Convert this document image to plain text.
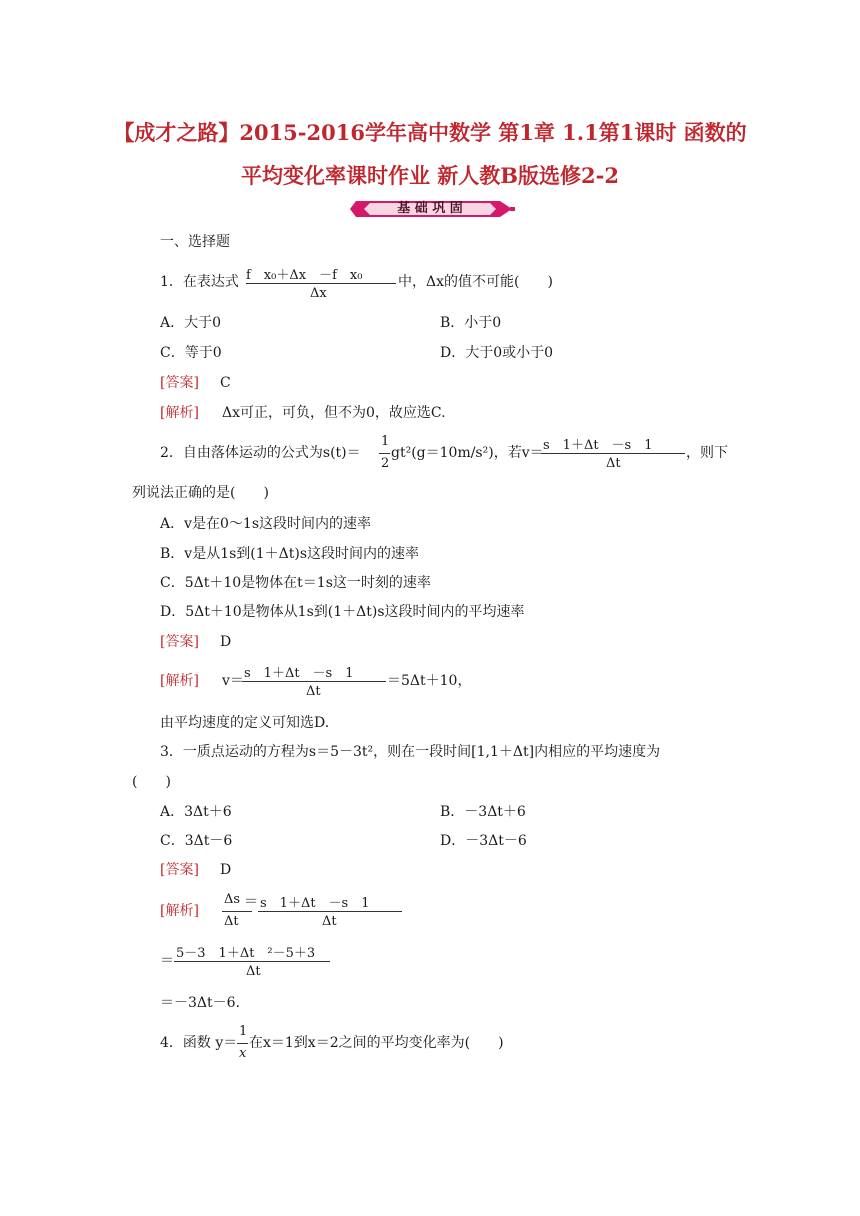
【成才之路】2015-2016学年高中数学 第1章 1.1第1课时 函数的
平均变化率课时作业 新人教B版选修2-2
基 础 巩 固
一、选择题
1．在表达式 f　x₀＋Δx　－f　x₀
Δx
中，Δx的值不可能(　　)
A．大于0	B．小于0
C．等于0	D．大于0或小于0
[答案] C
[解析] Δx可正，可负，但不为0，故应选C.
2．自由落体运动的公式为s(t)＝
1
2
gt²(g＝10m/s²)，若v＝ s　1＋Δt　－s　1
Δt
，则下
列说法正确的是(　　)
A．v是在0～1s这段时间内的速率
B．v是从1s到(1＋Δt)s这段时间内的速率
C．5Δt＋10是物体在t＝1s这一时刻的速率
D．5Δt＋10是物体从1s到(1＋Δt)s这段时间内的平均速率
[答案] D
[解析] v＝ s　1＋Δt　－s　1
Δt
＝5Δt＋10，
由平均速度的定义可知选D.
3．一质点运动的方程为s＝5－3t²，则在一段时间[1,1＋Δt]内相应的平均速度为
(　　)
A．3Δt＋6	B．－3Δt＋6
C．3Δt－6	D．－3Δt－6
[答案] D
[解析]
Δs
Δt
＝ s　1＋Δt　－s　1
Δt
＝ 5－3　1＋Δt　²－5＋3
Δt
＝－3Δt－6.
4．函数 y＝
1
x
在x＝1到x＝2之间的平均变化率为(　　)
